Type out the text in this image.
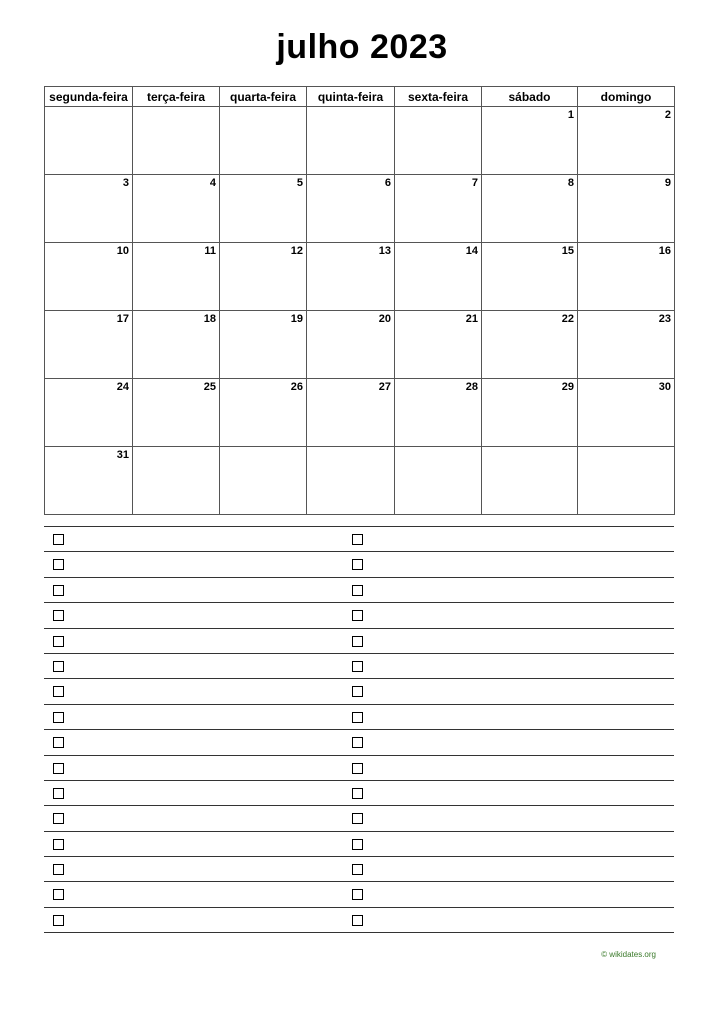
julho 2023
segunda-feira	terça-feira	quarta-feira	quinta-feira	sexta-feira	sábado	domingo
					1	2
3	4	5	6	7	8	9
10	11	12	13	14	15	16
17	18	19	20	21	22	23
24	25	26	27	28	29	30
31						
© wikidates.org
